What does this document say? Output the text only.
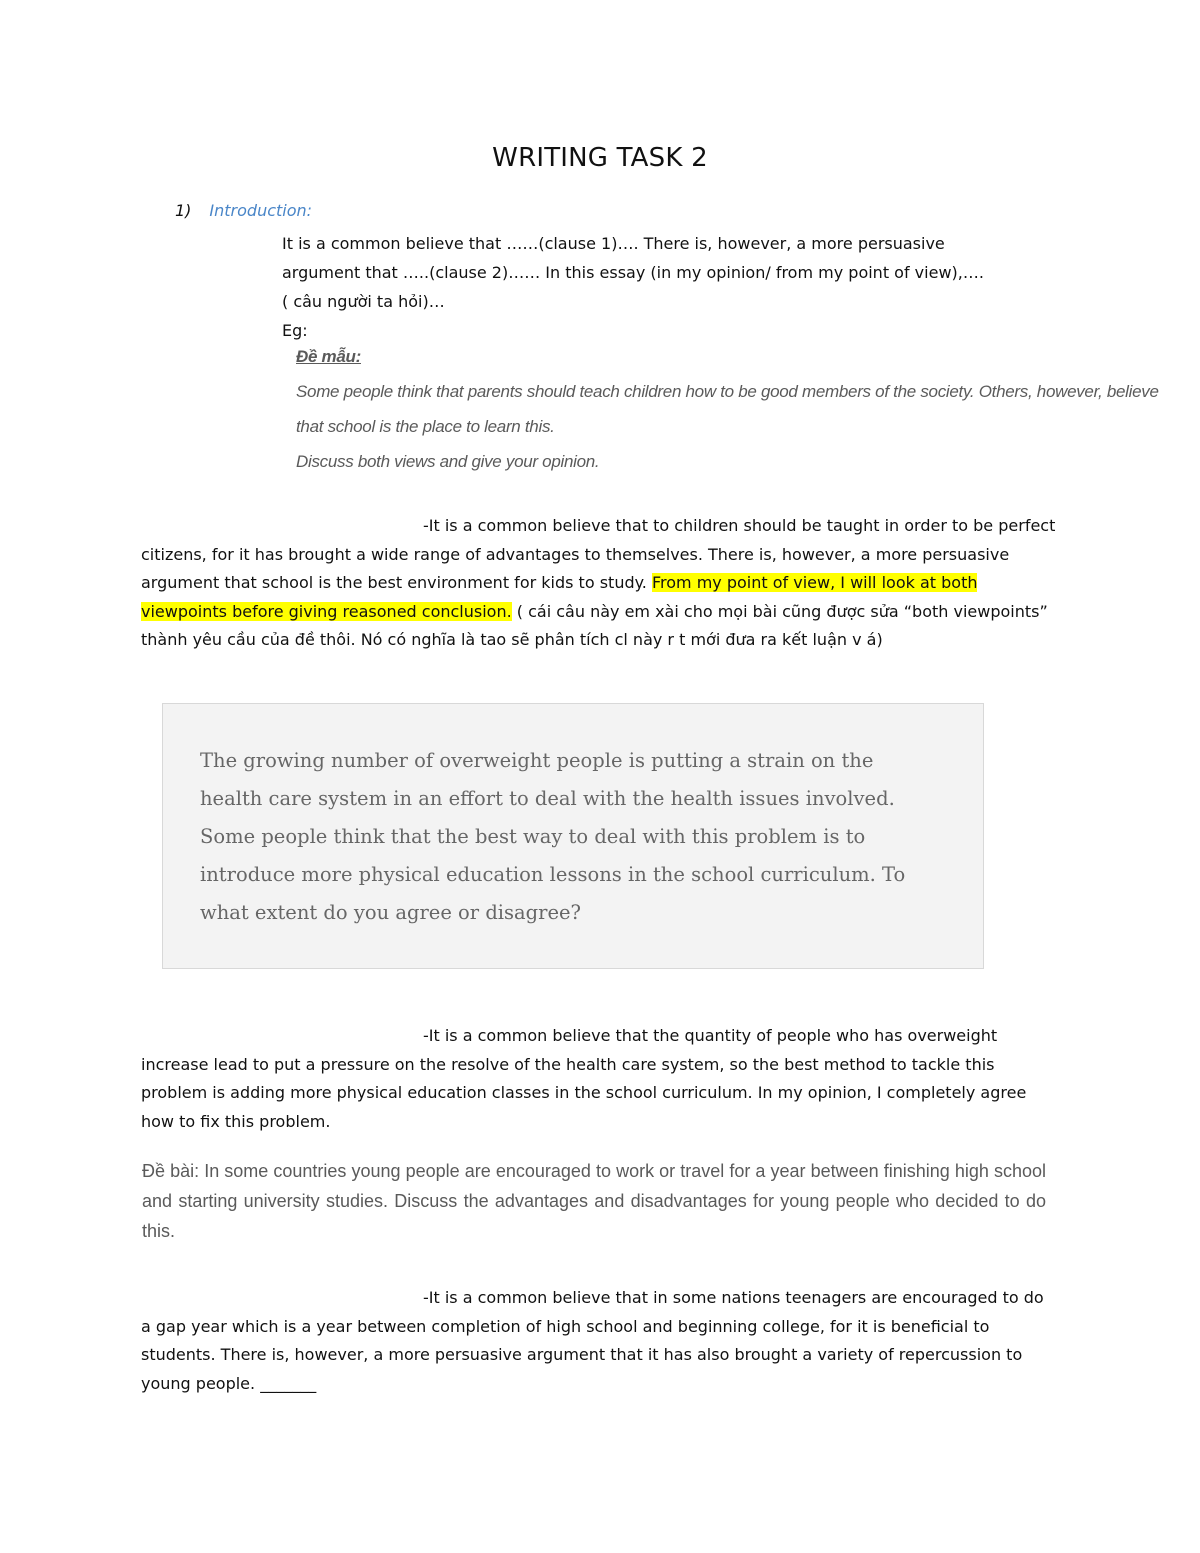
WRITING TASK 2
1) Introduction:

It is a common believe that ……(clause 1)…. There is, however, a more persuasive

argument that …..(clause 2)…… In this essay (in my opinion/ from my point of view),….

( câu người ta hỏi)…

Eg:

Đề mẫu:

Some people think that parents should teach children how to be good members of the society. Others, however, believe

that school is the place to learn this.

Discuss both views and give your opinion.

-It is a common believe that to children should be taught in order to be perfect citizens, for it has brought a wide range of advantages to themselves. There is, however, a more persuasive argument that school is the best environment for kids to study. From my point of view, I will look at both viewpoints before giving reasoned conclusion. ( cái câu này em xài cho mọi bài cũng được sửa “both viewpoints” thành yêu cầu của đề thôi. Nó có nghĩa là tao sẽ phân tích cl này r t mới đưa ra kết luận v á)

The growing number of overweight people is putting a strain on the

health care system in an effort to deal with the health issues involved.

Some people think that the best way to deal with this problem is to

introduce more physical education lessons in the school curriculum. To

what extent do you agree or disagree?

-It is a common believe that the quantity of people who has overweight increase lead to put a pressure on the resolve of the health care system, so the best method to tackle this problem is adding more physical education classes in the school curriculum. In my opinion, I completely agree how to fix this problem.

Đề bài: In some countries young people are encouraged to work or travel for a year between finishing high school and starting university studies. Discuss the advantages and disadvantages for young people who decided to do this.

-It is a common believe that in some nations teenagers are encouraged to do a gap year which is a year between completion of high school and beginning college, for it is beneficial to students. There is, however, a more persuasive argument that it has also brought a variety of repercussion to young people. _______
